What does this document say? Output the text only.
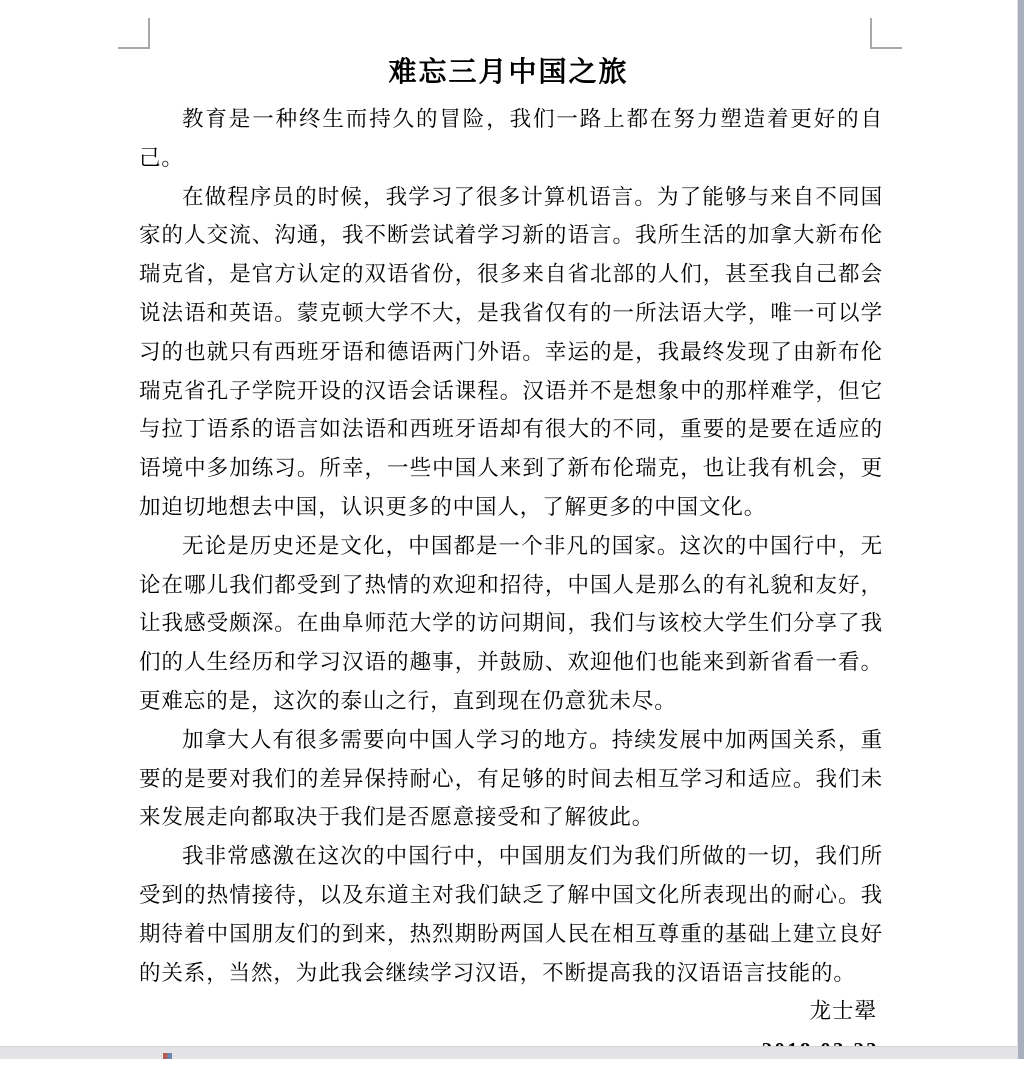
难忘三月中国之旅

教育是一种终生而持久的冒险，我们一路上都在努力塑造着更好的自己。

在做程序员的时候，我学习了很多计算机语言。为了能够与来自不同国家的人交流、沟通，我不断尝试着学习新的语言。我所生活的加拿大新布伦瑞克省，是官方认定的双语省份，很多来自省北部的人们，甚至我自己都会说法语和英语。蒙克顿大学不大，是我省仅有的一所法语大学，唯一可以学习的也就只有西班牙语和德语两门外语。幸运的是，我最终发现了由新布伦瑞克省孔子学院开设的汉语会话课程。汉语并不是想象中的那样难学，但它与拉丁语系的语言如法语和西班牙语却有很大的不同，重要的是要在适应的语境中多加练习。所幸，一些中国人来到了新布伦瑞克，也让我有机会，更加迫切地想去中国，认识更多的中国人，了解更多的中国文化。

无论是历史还是文化，中国都是一个非凡的国家。这次的中国行中，无论在哪儿我们都受到了热情的欢迎和招待，中国人是那么的有礼貌和友好，让我感受颇深。在曲阜师范大学的访问期间，我们与该校大学生们分享了我们的人生经历和学习汉语的趣事，并鼓励、欢迎他们也能来到新省看一看。更难忘的是，这次的泰山之行，直到现在仍意犹未尽。

加拿大人有很多需要向中国人学习的地方。持续发展中加两国关系，重要的是要对我们的差异保持耐心，有足够的时间去相互学习和适应。我们未来发展走向都取决于我们是否愿意接受和了解彼此。

我非常感激在这次的中国行中，中国朋友们为我们所做的一切，我们所受到的热情接待，以及东道主对我们缺乏了解中国文化所表现出的耐心。我期待着中国朋友们的到来，热烈期盼两国人民在相互尊重的基础上建立良好的关系，当然，为此我会继续学习汉语，不断提高我的汉语语言技能的。

龙士翚
